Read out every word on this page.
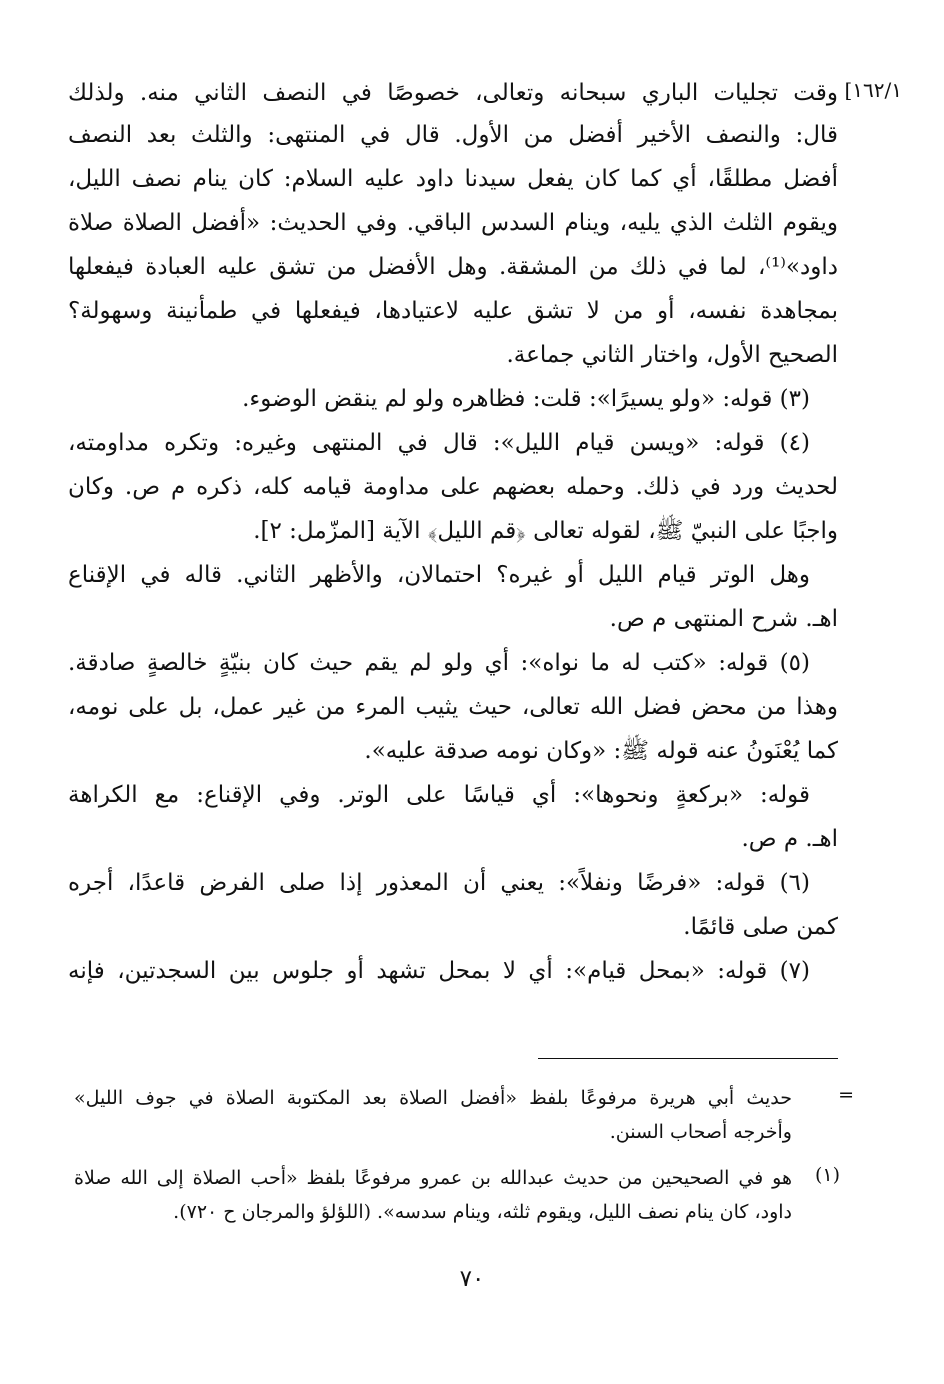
[١٦٢/١
وقت تجليات الباري سبحانه وتعالى، خصوصًا في النصف الثاني منه. ولذلك
قال: والنصف الأخير أفضل من الأول. قال في المنتهى: والثلث بعد النصف
أفضل مطلقًا، أي كما كان يفعل سيدنا داود عليه السلام: كان ينام نصف الليل،
ويقوم الثلث الذي يليه، وينام السدس الباقي. وفي الحديث: «أفضل الصلاة صلاة
داود»⁽¹⁾، لما في ذلك من المشقة. وهل الأفضل من تشق عليه العبادة فيفعلها
بمجاهدة نفسه، أو من لا تشق عليه لاعتيادها، فيفعلها في طمأنينة وسهولة؟
الصحيح الأول، واختار الثاني جماعة.
(٣) قوله: «ولو يسيرًا»: قلت: فظاهره ولو لم ينقض الوضوء.
(٤) قوله: «ويسن قيام الليل»: قال في المنتهى وغيره: وتكره مداومته،
لحديث ورد في ذلك. وحمله بعضهم على مداومة قيامه كله، ذكره م ص. وكان
واجبًا على النبيّ ﷺ، لقوله تعالى ﴿قم الليل﴾ الآية [المزّمل: ٢].
وهل الوتر قيام الليل أو غيره؟ احتمالان، والأظهر الثاني. قاله في الإقناع
اهـ. شرح المنتهى م ص.
(٥) قوله: «كتب له ما نواه»: أي ولو لم يقم حيث كان بنيّةٍ خالصةٍ صادقة.
وهذا من محض فضل الله تعالى، حيث يثيب المرء من غير عمل، بل على نومه،
كما يُعْنَونُ عنه قوله ﷺ: «وكان نومه صدقة عليه».
قوله: «بركعةٍ ونحوها»: أي قياسًا على الوتر. وفي الإقناع: مع الكراهة
اهـ. م ص.
(٦) قوله: «فرضًا ونفلاً»: يعني أن المعذور إذا صلى الفرض قاعدًا، أجره
كمن صلى قائمًا.
(٧) قوله: «بمحل قيام»: أي لا بمحل تشهد أو جلوس بين السجدتين، فإنه
=
حديث أبي هريرة مرفوعًا بلفظ «أفضل الصلاة بعد المكتوبة الصلاة في جوف الليل»
وأخرجه أصحاب السنن.
(١)
هو في الصحيحين من حديث عبدالله بن عمرو مرفوعًا بلفظ «أحب الصلاة إلى الله صلاة
داود، كان ينام نصف الليل، ويقوم ثلثه، وينام سدسه». (اللؤلؤ والمرجان ح ٧٢٠).
٧٠
